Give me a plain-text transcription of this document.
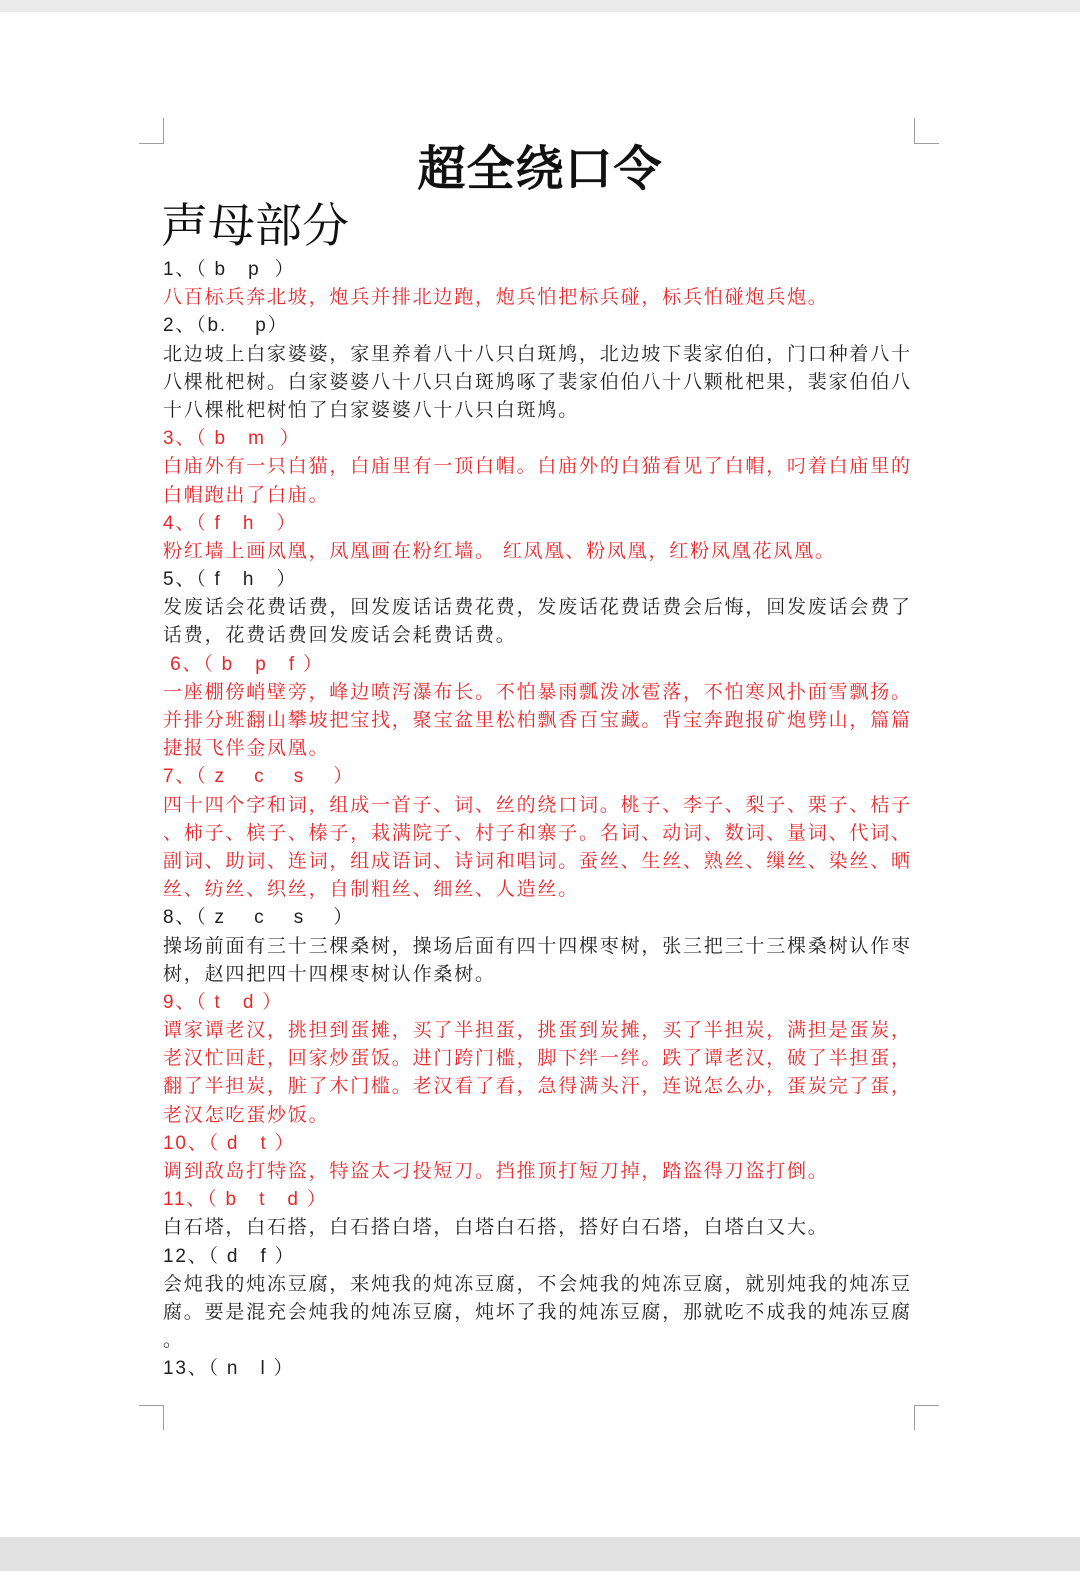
超全绕口令
声母部分
1、（ b   p  ）
八百标兵奔北坡，炮兵并排北边跑，炮兵怕把标兵碰，标兵怕碰炮兵炮。
2、（b.    p）
北边坡上白家婆婆，家里养着八十八只白斑鸠，北边坡下裴家伯伯，门口种着八十
八棵枇杷树。白家婆婆八十八只白斑鸠啄了裴家伯伯八十八颗枇杷果，裴家伯伯八
十八棵枇杷树怕了白家婆婆八十八只白斑鸠。
3、（ b   m  ）
白庙外有一只白猫，白庙里有一顶白帽。白庙外的白猫看见了白帽，叼着白庙里的
白帽跑出了白庙。
4、（ f   h   ）
粉红墙上画凤凰，凤凰画在粉红墙。 红凤凰、粉凤凰，红粉凤凰花凤凰。
5、（ f   h   ）
发废话会花费话费，回发废话话费花费，发废话花费话费会后悔，回发废话会费了
话费，花费话费回发废话会耗费话费。
6、（ b   p   f ）
一座棚傍峭壁旁，峰边喷泻瀑布长。不怕暴雨瓢泼冰雹落，不怕寒风扑面雪飘扬。
并排分班翻山攀坡把宝找，聚宝盆里松柏飘香百宝藏。背宝奔跑报矿炮劈山，篇篇
捷报飞伴金凤凰。
7、（ z    c    s    ）
四十四个字和词，组成一首子、词、丝的绕口词。桃子、李子、梨子、栗子、桔子
、柿子、槟子、榛子，栽满院子、村子和寨子。名词、动词、数词、量词、代词、
副词、助词、连词，组成语词、诗词和唱词。蚕丝、生丝、熟丝、缫丝、染丝、晒
丝、纺丝、织丝，自制粗丝、细丝、人造丝。
8、（ z    c    s    ）
操场前面有三十三棵桑树，操场后面有四十四棵枣树，张三把三十三棵桑树认作枣
树，赵四把四十四棵枣树认作桑树。
9、（ t   d ）
谭家谭老汉，挑担到蛋摊，买了半担蛋，挑蛋到炭摊，买了半担炭，满担是蛋炭，
老汉忙回赶，回家炒蛋饭。进门跨门槛，脚下绊一绊。跌了谭老汉，破了半担蛋，
翻了半担炭，脏了木门槛。老汉看了看，急得满头汗，连说怎么办，蛋炭完了蛋，
老汉怎吃蛋炒饭。
10、（ d   t ）
调到敌岛打特盗，特盗太刁投短刀。挡推顶打短刀掉，踏盗得刀盗打倒。
11、（ b   t   d ）
白石塔，白石搭，白石搭白塔，白塔白石搭，搭好白石塔，白塔白又大。
12、（ d   f ）
会炖我的炖冻豆腐，来炖我的炖冻豆腐，不会炖我的炖冻豆腐，就别炖我的炖冻豆
腐。要是混充会炖我的炖冻豆腐，炖坏了我的炖冻豆腐，那就吃不成我的炖冻豆腐
。
13、（ n   l ）
